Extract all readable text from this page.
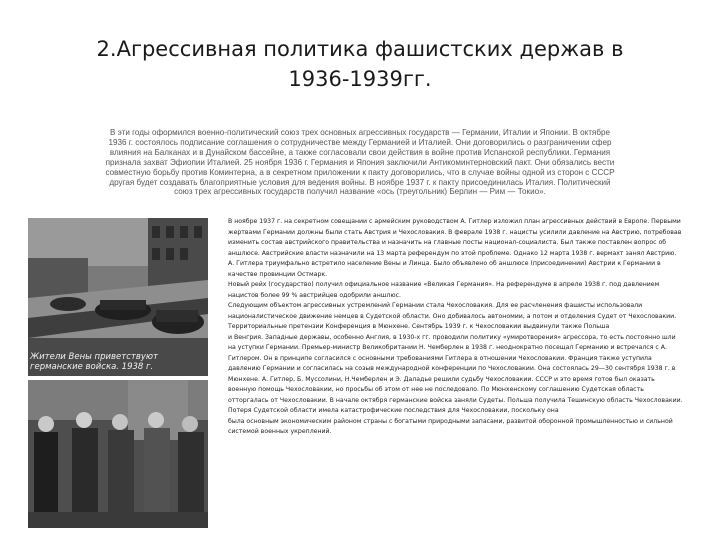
2.Агрессивная политика фашистских держав в 1936-1939гг.
В эти годы оформился военно-политический союз трех основных агрессивных государств — Германии, Италии и Японии. В октябре 1936 г. состоялось подписание соглашения о сотрудничестве между Германией и Италией. Они договорились о разграничении сфер влияния на Балканах и в Дунайском бассейне, а также согласовали свои действия в войне против Испанской республики. Германия признала захват Эфиопии Италией. 25 ноября 1936 г. Германия и Япония заключили Антикоминтерновский пакт. Они обязались вести совместную борьбу против Коминтерна, а в секретном приложении к пакту договорились, что в случае войны одной из сторон с СССР другая будет создавать благоприятные условия для ведения войны. В ноябре 1937 г. к пакту присоединилась Италия. Политический союз трех агрессивных государств получил название «ось (треугольник) Берлин — Рим — Токио».
Жители Вены приветствуют германские войска. 1938 г.

В ноябре 1937 г. на секретном совещании с армейским руководством А. Гитлер изложил план агрессивных действий в Европе. Первыми жертвами Германии должны были стать Австрия и Чехословакия. В феврале 1938 г. нацисты усилили давление на Австрию, потребовав изменить состав австрийского правительства и назначить на главные посты национал-социалиста. Был также поставлен вопрос об аншлюсе. Австрийские власти назначили на 13 марта референдум по этой проблеме. Однако 12 марта 1938 г. вермахт занял Австрию. А. Гитлера триумфально встретило население Вены и Линца. Было объявлено об аншлюсе (присоединении) Австрии к Германии в качестве провинции Остмарк.

Новый рейх (государство) получил официальное название «Великая Германия». На референдуме в апреле 1938 г. под давлением нацистов более 99 % австрийцев одобрили аншлюс.

Следующим объектом агрессивных устремлений Германии стала Чехословакия. Для ее расчленения фашисты использовали националистическое движение немцев в Судетской области. Оно добивалось автономии, а потом и отделения Судет от Чехословакии. Территориальные претензии Конференция в Мюнхене. Сентябрь 1939 г. к Чехословакии выдвинули также Польша

и Венгрия. Западные державы, особенно Англия, в 1930-х гг. проводили политику «умиротворения» агрессора, то есть постоянно шли на уступки Германии. Премьер-министр Великобритании Н. Чемберлен в 1938 г. неоднократно посещал Германию и встречался с А. Гитлером. Он в принципе согласился с основными требованиями Гитлера в отношении Чехословакии. Франция также уступила давлению Германии и согласилась на созыв международной конференции по Чехословакии. Она состоялась 29—30 сентября 1938 г. в Мюнхене. А. Гитлер, Б. Муссолини, Н.Чемберлен и Э. Даладье решили судьбу Чехословакии. СССР и это время готов был оказать военную помощь Чехословакии, но просьбы об этом от нее не последовало. По Мюнхенскому соглашению Судетская область отторгалась от Чехословакии. В начале октября германские войска заняли Судеты. Польша получила Тешинскую область Чехословакии. Потеря Судетской области имела катастрофические последствия для Чехословакии, поскольку она

была основным экономическим районом страны с богатыми природными запасами, развитой оборонной промышленностью и сильной системой военных укреплений.
